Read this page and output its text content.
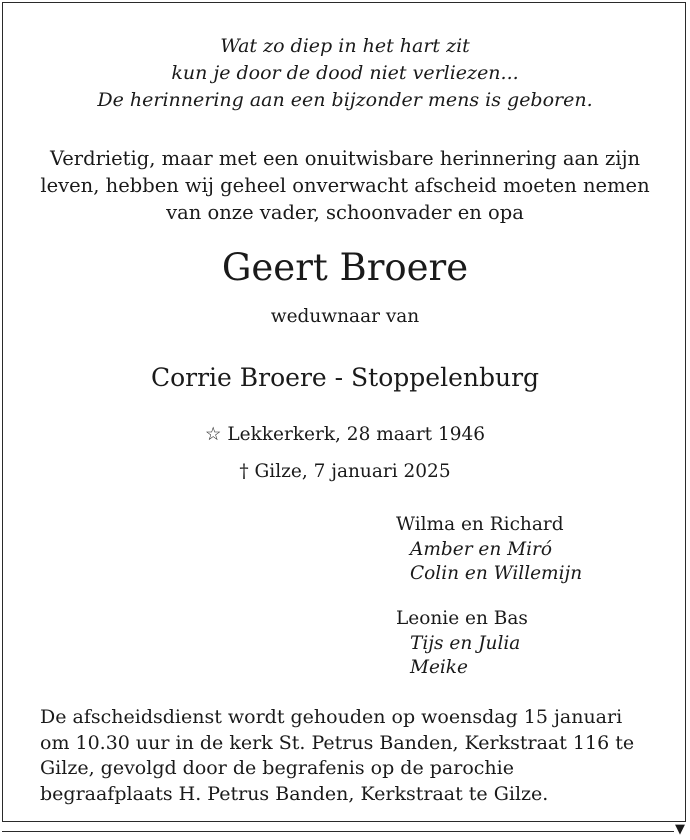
▼
Wat zo diep in het hart zit
kun je door de dood niet verliezen...
De herinnering aan een bijzonder mens is geboren.
Verdrietig, maar met een onuitwisbare herinnering aan zijn
leven, hebben wij geheel onverwacht afscheid moeten nemen
van onze vader, schoonvader en opa
Geert Broere
weduwnaar van
Corrie Broere - Stoppelenburg
☆ Lekkerkerk, 28 maart 1946
† Gilze, 7 januari 2025
Wilma en Richard
Amber en Miró
Colin en Willemijn
Leonie en Bas
Tijs en Julia
Meike
De afscheidsdienst wordt gehouden op woensdag 15 januari
om 10.30 uur in de kerk St. Petrus Banden, Kerkstraat 116 te
Gilze, gevolgd door de begrafenis op de parochie
begraafplaats H. Petrus Banden, Kerkstraat te Gilze.
